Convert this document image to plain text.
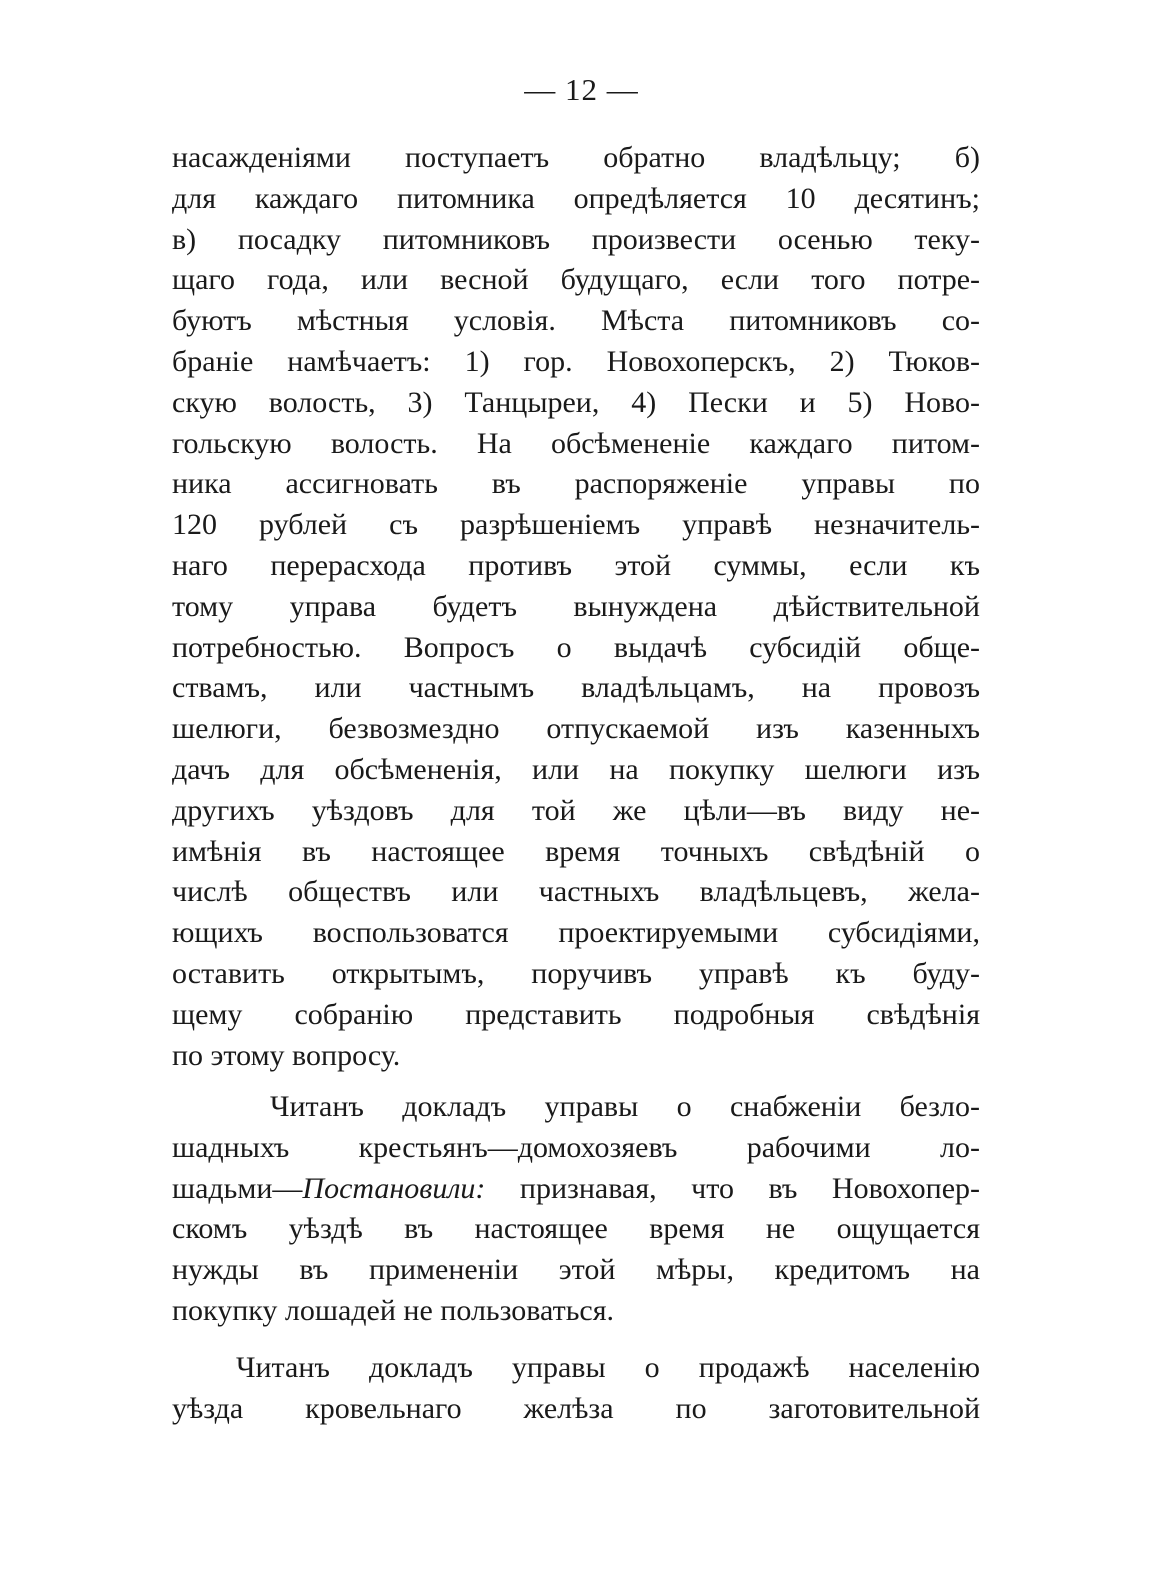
— 12 —
насажденіями поступаетъ обратно владѣльцу; б)
для каждаго питомника опредѣляется 10 десятинъ;
в) посадку питомниковъ произвести осенью теку-
щаго года, или весной будущаго, если того потре-
буютъ мѣстныя условія. Мѣста питомниковъ со-
браніе намѣчаетъ: 1) гор. Новохоперскъ, 2) Тюков-
скую волость, 3) Танцыреи, 4) Пески и 5) Ново-
гольскую волость. На обсѣмененіе каждаго питом-
ника ассигновать въ распоряженіе управы по
120 рублей съ разрѣшеніемъ управѣ незначитель-
наго перерасхода противъ этой суммы, если къ
тому управа будетъ вынуждена дѣйствительной
потребностью. Вопросъ о выдачѣ субсидій обще-
ствамъ, или частнымъ владѣльцамъ, на провозъ
шелюги, безвозмездно отпускаемой изъ казенныхъ
дачъ для обсѣмененія, или на покупку шелюги изъ
другихъ уѣздовъ для той же цѣли—въ виду не-
имѣнія въ настоящее время точныхъ свѣдѣній о
числѣ обществъ или частныхъ владѣльцевъ, жела-
ющихъ воспользоватся проектируемыми субсидіями,
оставить открытымъ, поручивъ управѣ къ буду-
щему собранію представить подробныя свѣдѣнія
по этому вопросу.
Читанъ докладъ управы о снабженіи безло-
шадныхъ крестьянъ—домохозяевъ рабочими ло-
шадьми—Постановили: признавая, что въ Новохопер-
скомъ уѣздѣ въ настоящее время не ощущается
нужды въ примененіи этой мѣры, кредитомъ на
покупку лошадей не пользоваться.
Читанъ докладъ управы о продажѣ населенію
уѣзда кровельнаго желѣза по заготовительной
